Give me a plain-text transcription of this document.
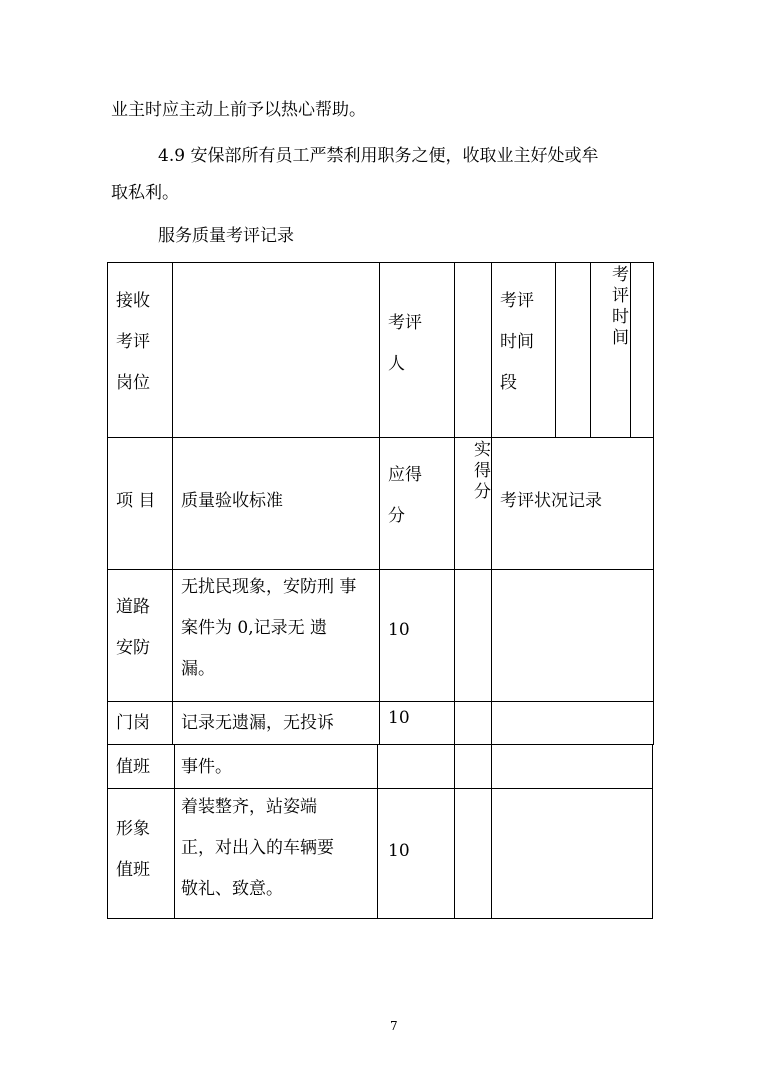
业主时应主动上前予以热心帮助。
4.9 安保部所有员工严禁利用职务之便，收取业主好处或牟
取私利。
服务质量考评记录
接收
考评
岗位
考评
人
考评
时间
段
考
评
时
间
项 目 质量验收标准
应得
分
实
得
分 考评状况记录
道路
安防
无扰民现象，安防刑 事
案件为 0,记录无 遗
漏。
10
门岗 记录无遗漏，无投诉	10
值班 事件。
形象
值班
着装整齐，站姿端
正，对出入的车辆要
敬礼、致意。
10
7
